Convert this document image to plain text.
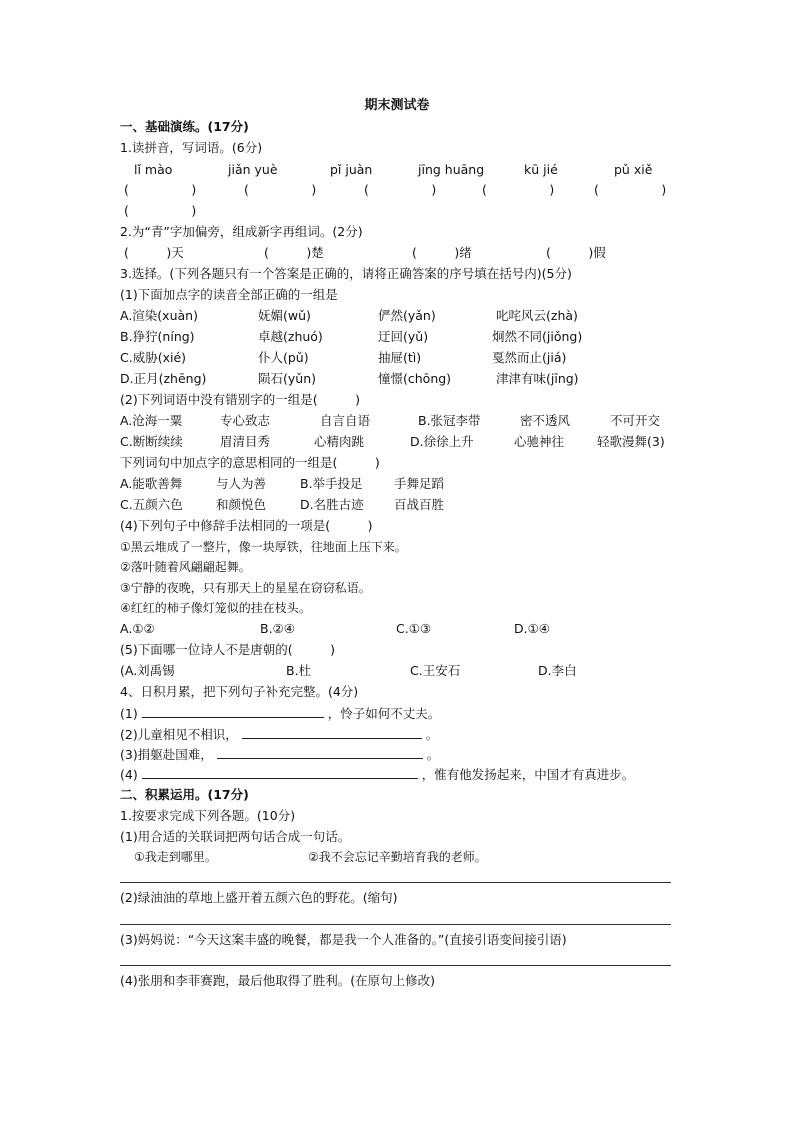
期末测试卷
一、基础演练。(17分)
1.读拼音，写词语。(6分)
lǐ mào	jiǎn yuè	pǐ juàn	jīng huāng	kū jié	pǔ xiě
(　　　　　)	(　　　　　)	(　　　　　)	(　　　　　)	(　　　　　)
(　　　　　)
2.为“青”字加偏旁，组成新字再组词。(2分)
(　　　)天	(　　　)楚	(　　　)绪	(　　　)假
3.选择。(下列各题只有一个答案是正确的，请将正确答案的序号填在括号内)(5分)
(1)下面加点字的读音全部正确的一组是
A.渲染(xuàn)	妩媚(wǔ)	俨然(yǎn)	叱咤风云(zhà)
B.狰狞(níng)	卓越(zhuó)	迂回(yǔ)	炯然不同(jiǒng)
C.威胁(xié)	仆人(pǔ)	抽屉(tì)	戛然而止(jiá)
D.正月(zhēng)	陨石(yǔn)	憧憬(chōng)	津津有味(jīng)
(2)下列词语中没有错别字的一组是(　　　)
A.沧海一粟	专心致志	自言自语	B.张冠李带	密不透风	不可开交
C.断断续续	眉清目秀	心精肉跳	D.徐徐上升	心驰神往	轻歌漫舞(3)
下列词句中加点字的意思相同的一组是(　　　)
A.能歌善舞	与人为善	B.举手投足	手舞足蹈
C.五颜六色	和颜悦色	D.名胜古迹 百战百胜
(4)下列句子中修辞手法相同的一项是(　　　)
①黑云堆成了一整片，像一块厚铁，往地面上压下来。
②落叶随着风翩翩起舞。
③宁静的夜晚，只有那天上的星星在窃窃私语。
④红红的柿子像灯笼似的挂在枝头。
A.①②	B.②④	C.①③	D.①④
(5)下面哪一位诗人不是唐朝的(　　　)
(A.刘禹锡	B.杜	C.王安石	D.李白
4、日积月累，把下列句子补充完整。(4分)
(1)	，怜子如何不丈夫。
(2)儿童相见不相识，	。
(3)捐躯赴国难，	。
(4)	，惟有他发扬起来，中国才有真进步。
二、积累运用。(17分)
1.按要求完成下列各题。(10分)
(1)用合适的关联词把两句话合成一句话。
①我走到哪里。	②我不会忘记辛勤培育我的老师。
(2)绿油油的草地上盛开着五颜六色的野花。(缩句)
(3)妈妈说：“今天这案丰盛的晚餐，都是我一个人准备的。”(直接引语变间接引语)
(4)张朋和李菲赛跑，最后他取得了胜利。(在原句上修改)
